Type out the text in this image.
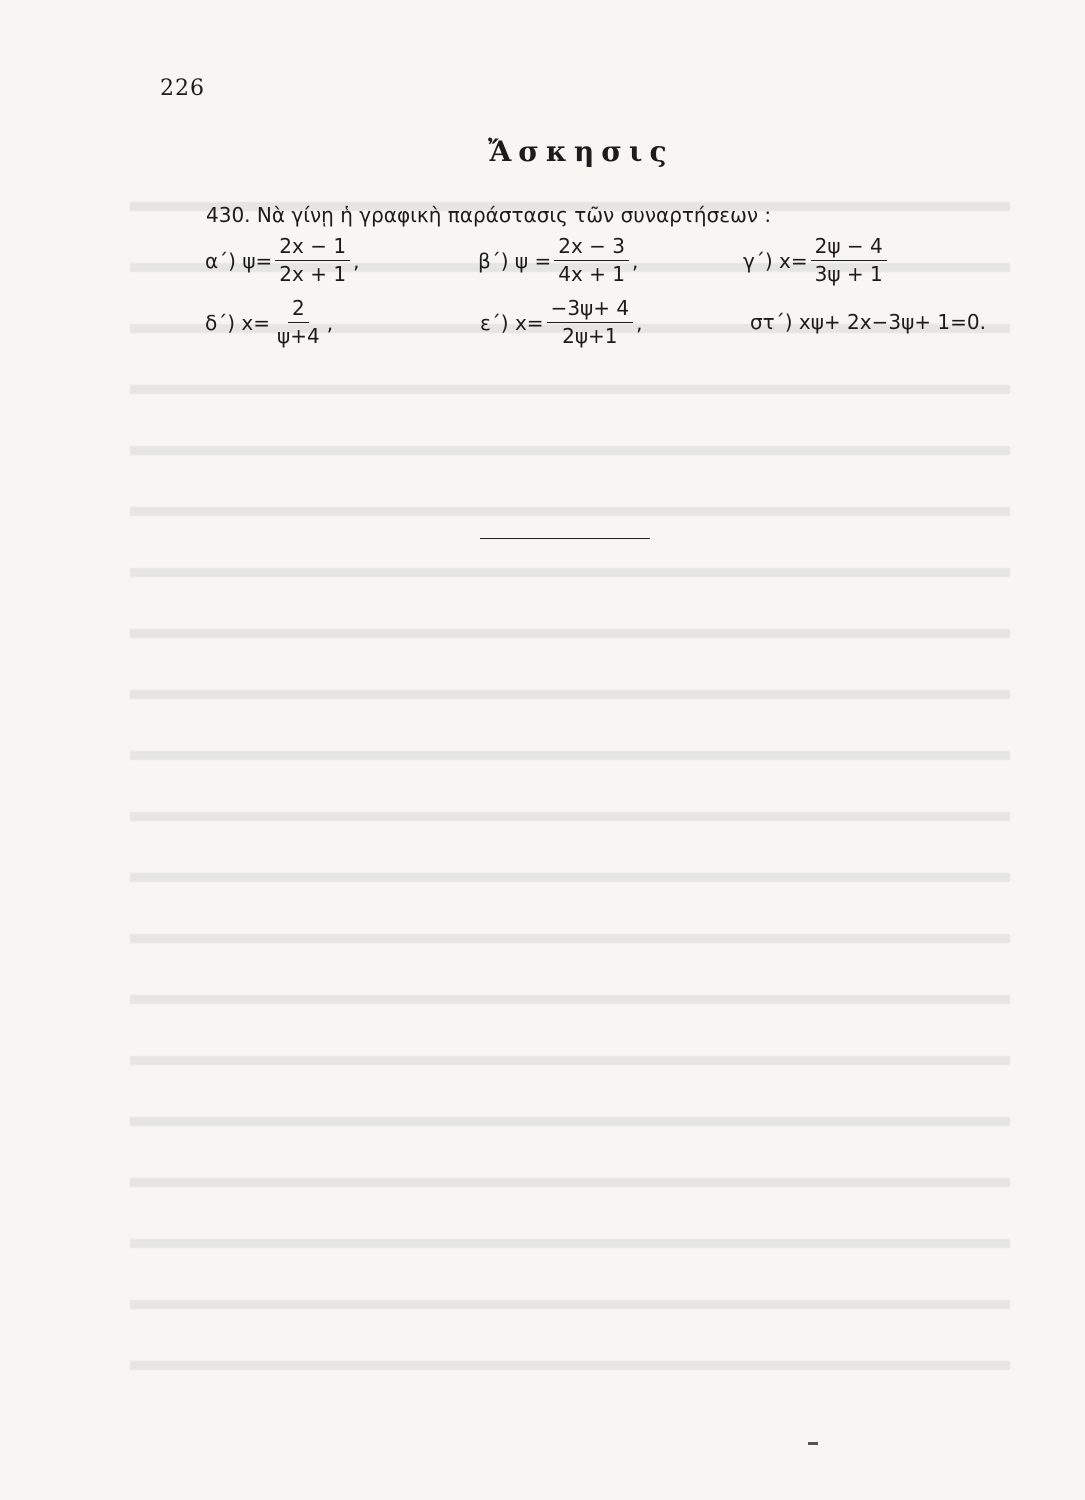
226
Ἄσκησις
430. Νὰ γίνῃ ἡ γραφικὴ παράστασις τῶν συναρτήσεων :
α΄) $\psi= \frac{2x - 1}{2x + 1}$ ,	β΄) $\psi = \frac{2x - 3}{4x + 1}$ ,	γ΄) $x= \frac{2\psi - 4}{3\psi + 1}$
δ΄) $x= \frac{2}{\psi+4}$ ,	ε΄) $x= \frac{-3\psi+ 4}{2\psi+1}$ ,	στ΄) xψ+ 2x−3ψ+ 1=0.
